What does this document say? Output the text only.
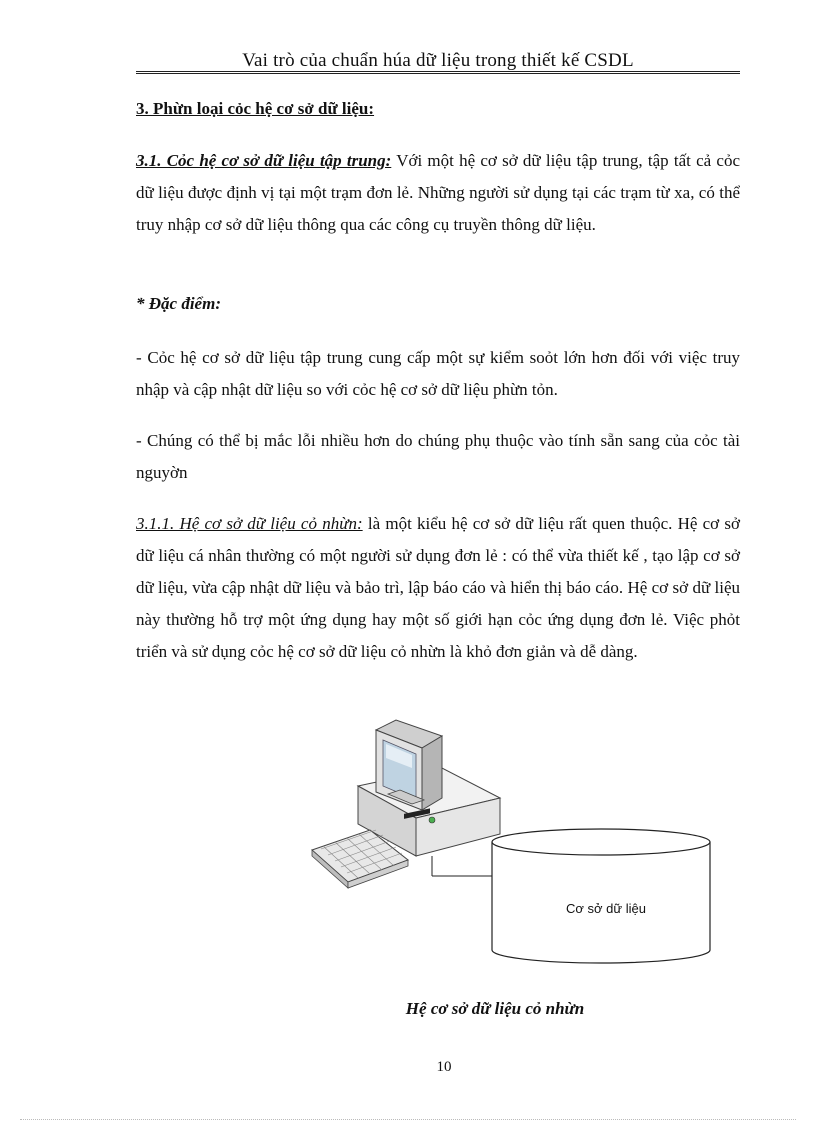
Vai trò của chuẩn húa dữ liệu trong thiết kế CSDL
3. Phừn loại cỏc hệ cơ sở dữ liệu:
3.1. Cỏc hệ cơ sở dữ liệu tập trung: Với một hệ cơ sở dữ liệu tập trung, tập tất cả cỏc dữ liệu được định vị tại một trạm đơn lẻ. Những người sử dụng tại các trạm từ xa, có thể truy nhập cơ sở dữ liệu thông qua các công cụ truyền thông dữ liệu.
* Đặc điểm:
- Cỏc hệ cơ sở dữ liệu tập trung cung cấp một sự kiểm soỏt lớn hơn đối với việc truy nhập và cập nhật dữ liệu so với cỏc hệ cơ sở dữ liệu phừn tỏn.
- Chúng có thể bị mắc lỗi nhiều hơn do chúng phụ thuộc vào tính sẵn sang của cỏc tài nguyờn
3.1.1. Hệ cơ sở dữ liệu cỏ nhừn: là một kiểu hệ cơ sở dữ liệu rất quen thuộc. Hệ cơ sở dữ liệu cá nhân thường có một người sử dụng đơn lẻ : có thể vừa thiết kế , tạo lập cơ sở dữ liệu, vừa cập nhật dữ liệu và bảo trì, lập báo cáo và hiển thị báo cáo. Hệ cơ sở dữ liệu này thường hỗ trợ một ứng dụng hay một số giới hạn cỏc ứng dụng đơn lẻ. Việc phỏt triển và sử dụng cỏc hệ cơ sở dữ liệu cỏ nhừn là khỏ đơn giản và dễ dàng.
Cơ sở dữ liệu
Hệ cơ sở dữ liệu cỏ nhừn
10
